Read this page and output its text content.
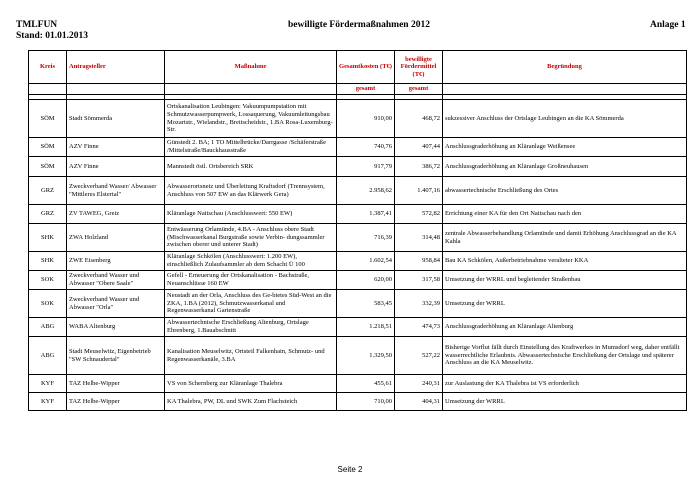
TMLFUN
Stand: 01.01.2013
bewilligte Fördermaßnahmen 2012	Anlage 1
Kreis	Antragsteller	Maßnahme	Gesamtkosten (T€)	bewilligte Fördermittel (T€)	Begründung
			gesamt	gesamt	

SÖM	Stadt Sömmerda	Ortskanalisation Leubingen: Vakuumpumpstation mit Schmutzwasserpumpwerk, Lossaquerung, Vakuumleitungsbau Mozartstr., Wielandstr., Breitscheidstr., 1.BA Rosa-Luxemburg-Str.	910,00	468,72	sukzessiver Anschluss der Ortslage Leubingen an die KA Sömmerda
SÖM	AZV Finne	Günstedt 2. BA; 1 TO Mittelbrücke/Darrgasse /Schäferstraße /Mittelstraße/Bauckhausstraße	740,76	407,44	Anschlussgraderhöhung an Kläranlage Weißensee
SÖM	AZV Finne	Mannstedt östl. Ortsbereich SRK	917,79	386,72	Anschlussgraderhöhung an Kläranlage Großneuhausen
GRZ	Zweckverband Wasser/ Abwasser "Mittleres Elstertal"	Abwasserortsnetz und Überleitung Kraftsdorf (Trennsystem, Anschluss von 507 EW an das Klärwerk Gera)	2.958,62	1.407,16	abwassertechnische Erschließung des Ortes
GRZ	ZV TAWEG, Greiz	Kläranlage Naitschau (Anschlusswert: 550 EW)	1.387,41	572,82	Errichtung einer KA für den Ort Naitschau nach den
SHK	ZWA Holzland	Entwässerung Orlamünde, 4.BA - Anschluss obere Stadt (Mischwasserkanal Burgstraße sowie Verbin- dungssammler zwischen oberer und unterer Stadt)	716,39	314,48	zentrale Abwasserbehandlung Orlamünde und damit Erhöhung Anschlussgrad an die KA Kahla
SHK	ZWE Eisenberg	Kläranlage Schkölen (Anschlusswert: 1.200 EW), einschließlich Zulaufsammler ab dem Schacht Ü 100	1.602,54	958,84	Bau KA Schkölen, Außerbetriebnahme veralteter KKA
SOK	Zweckverband Wasser und Abwasser "Obere Saale"	Gefell - Erneuerung der Ortskanalisation - Bachstraße, Neuanschlüsse 160 EW	620,00	317,58	Umsetzung der WRRL und begleitender Straßenbau
SOK	Zweckverband Wasser und Abwasser "Orla"	Neustadt an der Orla, Anschluss des Ge-bietes Süd-West an die ZKA, 1.BA (2012), Schmutzwasserkanal und Regenwasserkanal Gartenstraße	583,45	332,39	Umsetzung der WRRL
ABG	WABA Altenburg	Abwassertechnische Erschließung Altenburg, Ortslage Ehrenberg, 1.Bauabschnitt	1.218,51	474,73	Anschlussgraderhöhung an Kläranlage Altenburg
ABG	Stadt Meuselwitz, Eigenbetrieb "SW Schnaudertal"	Kanalisation Meuselwitz, Ortsteil Falkenhain, Schmutz- und Regenwasserkanäle, 3.BA	1.329,50	527,22	Bisherige Vorflut fällt durch Einstellung des Kraftwerkes in Mumsdorf weg, daher entfällt wasserrechtliche Erlaubnis. Abwassertechnische Erschließung der Ortslage und späterer Anschluss an die KA Meuselwitz.
KYF	TAZ Helbe-Wipper	VS von Schernberg zur Kläranlage Thalebra	455,61	240,31	zur Auslastung der KA Thalebra ist VS erforderlich
KYF	TAZ Helbe-Wipper	KA Thalebra, PW, DL und SWK Zum Flachsteich	710,00	404,31	Umsetzung der WRRL
Seite 2
